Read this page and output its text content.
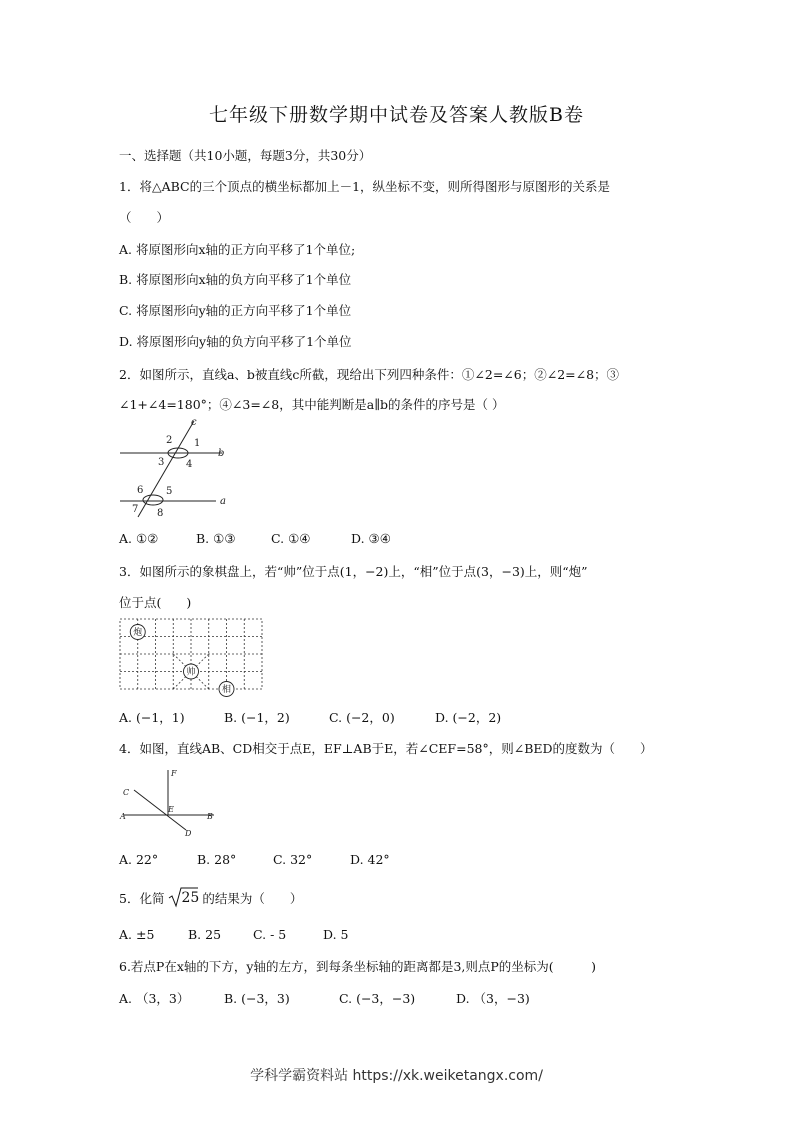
七年级下册数学期中试卷及答案人教版B卷
一、选择题（共10小题，每题3分，共30分）
1．将△ABC的三个顶点的横坐标都加上－1，纵坐标不变，则所得图形与原图形的关系是
（　　）
A. 将原图形向x轴的正方向平移了1个单位;
B. 将原图形向x轴的负方向平移了1个单位
C. 将原图形向y轴的正方向平移了1个单位
D. 将原图形向y轴的负方向平移了1个单位
2．如图所示，直线a、b被直线c所截，现给出下列四种条件：①∠2=∠6；②∠2=∠8；③
∠1+∠4=180°；④∠3=∠8，其中能判断是a∥b的条件的序号是（ ）
c
b
a
2 1
3 4
6 5
7 8
A. ①②	B. ①③	C. ①④	D. ③④
3．如图所示的象棋盘上，若“帅”位于点(1，−2)上，“相”位于点(3，−3)上，则“炮”
位于点(　　)
炮
帅
相
A. (−1，1)	B. (−1，2)	C. (−2，0)	D. (−2，2)
4．如图，直线AB、CD相交于点E，EF⊥AB于E，若∠CEF=58°，则∠BED的度数为（　　）
F
C
E
A	B
D
A. 22°	B. 28°	C. 32°	D. 42°
5．化简 25 的结果为（　　）
A. ±5	B. 25	C. - 5	D. 5
6.若点P在x轴的下方，y轴的左方，到每条坐标轴的距离都是3,则点P的坐标为(　　　)
A. （3，3）	B. (−3，3)	C. (−3，−3)	D. （3，−3)
学科学霸资料站 https://xk.weiketangx.com/
